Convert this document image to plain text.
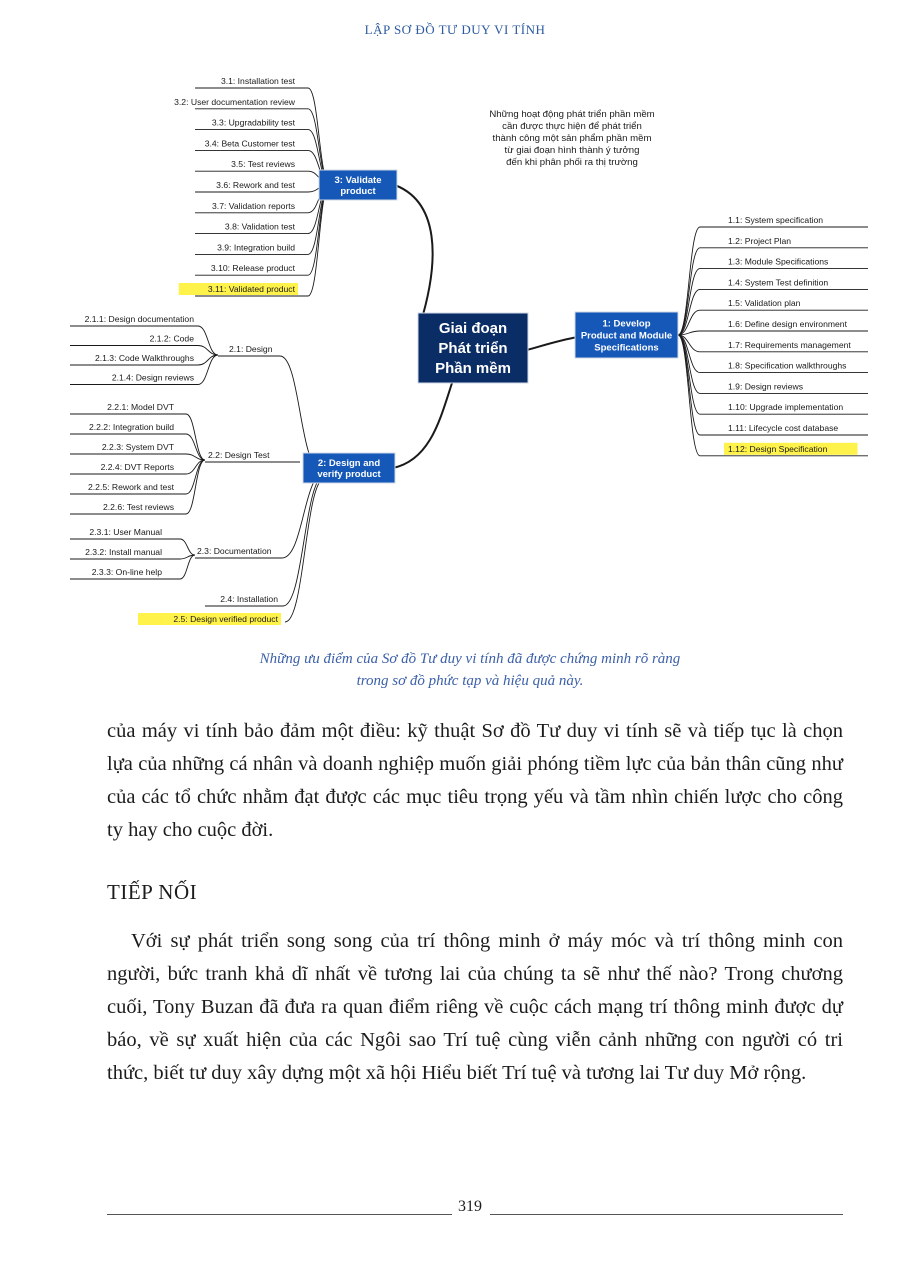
LẬP SƠ ĐỒ TƯ DUY VI TÍNH
Những hoạt động phát triển phần mềm
cần được thực hiện để phát triển
thành công một sản phẩm phần mềm
từ giai đoạn hình thành ý tưởng
đến khi phân phối ra thị trường
3.1: Installation test
3.2: User documentation review
3.3: Upgradability test
3.4: Beta Customer test
3.5: Test reviews
3.6: Rework and test
3.7: Validation reports
3.8: Validation test
3.9: Integration build
3.10: Release product
3.11: Validated product
2.1.1: Design documentation
2.1.2: Code
2.1.3: Code Walkthroughs
2.1.4: Design reviews
2.1: Design
2.2.1: Model DVT
2.2.2: Integration build
2.2.3: System DVT
2.2.4: DVT Reports
2.2.5: Rework and test
2.2.6: Test reviews
2.2: Design Test
2.3.1: User Manual
2.3.2: Install manual
2.3.3: On-line help
2.3: Documentation
2.4: Installation
2.5: Design verified product
1.1: System specification
1.2: Project Plan
1.3: Module Specifications
1.4: System Test definition
1.5: Validation plan
1.6: Define design environment
1.7: Requirements management
1.8: Specification walkthroughs
1.9: Design reviews
1.10: Upgrade implementation
1.11: Lifecycle cost database
1.12: Design Specification
3: Validate
product
2: Design and
verify product
1: Develop
Product and Module
Specifications
Giai đoạn
Phát triển
Phần mềm
Những ưu điểm của Sơ đồ Tư duy vi tính đã được chứng minh rõ ràng
trong sơ đồ phức tạp và hiệu quả này.
của máy vi tính bảo đảm một điều: kỹ thuật Sơ đồ Tư duy vi tính sẽ và tiếp tục là chọn lựa của những cá nhân và doanh nghiệp muốn giải phóng tiềm lực của bản thân cũng như của các tổ chức nhằm đạt được các mục tiêu trọng yếu và tầm nhìn chiến lược cho công ty hay cho cuộc đời.
TIẾP NỐI
Với sự phát triển song song của trí thông minh ở máy móc và trí thông minh con người, bức tranh khả dĩ nhất về tương lai của chúng ta sẽ như thế nào? Trong chương cuối, Tony Buzan đã đưa ra quan điểm riêng về cuộc cách mạng trí thông minh được dự báo, về sự xuất hiện của các Ngôi sao Trí tuệ cùng viễn cảnh những con người có tri thức, biết tư duy xây dựng một xã hội Hiểu biết Trí tuệ và tương lai Tư duy Mở rộng.
319
